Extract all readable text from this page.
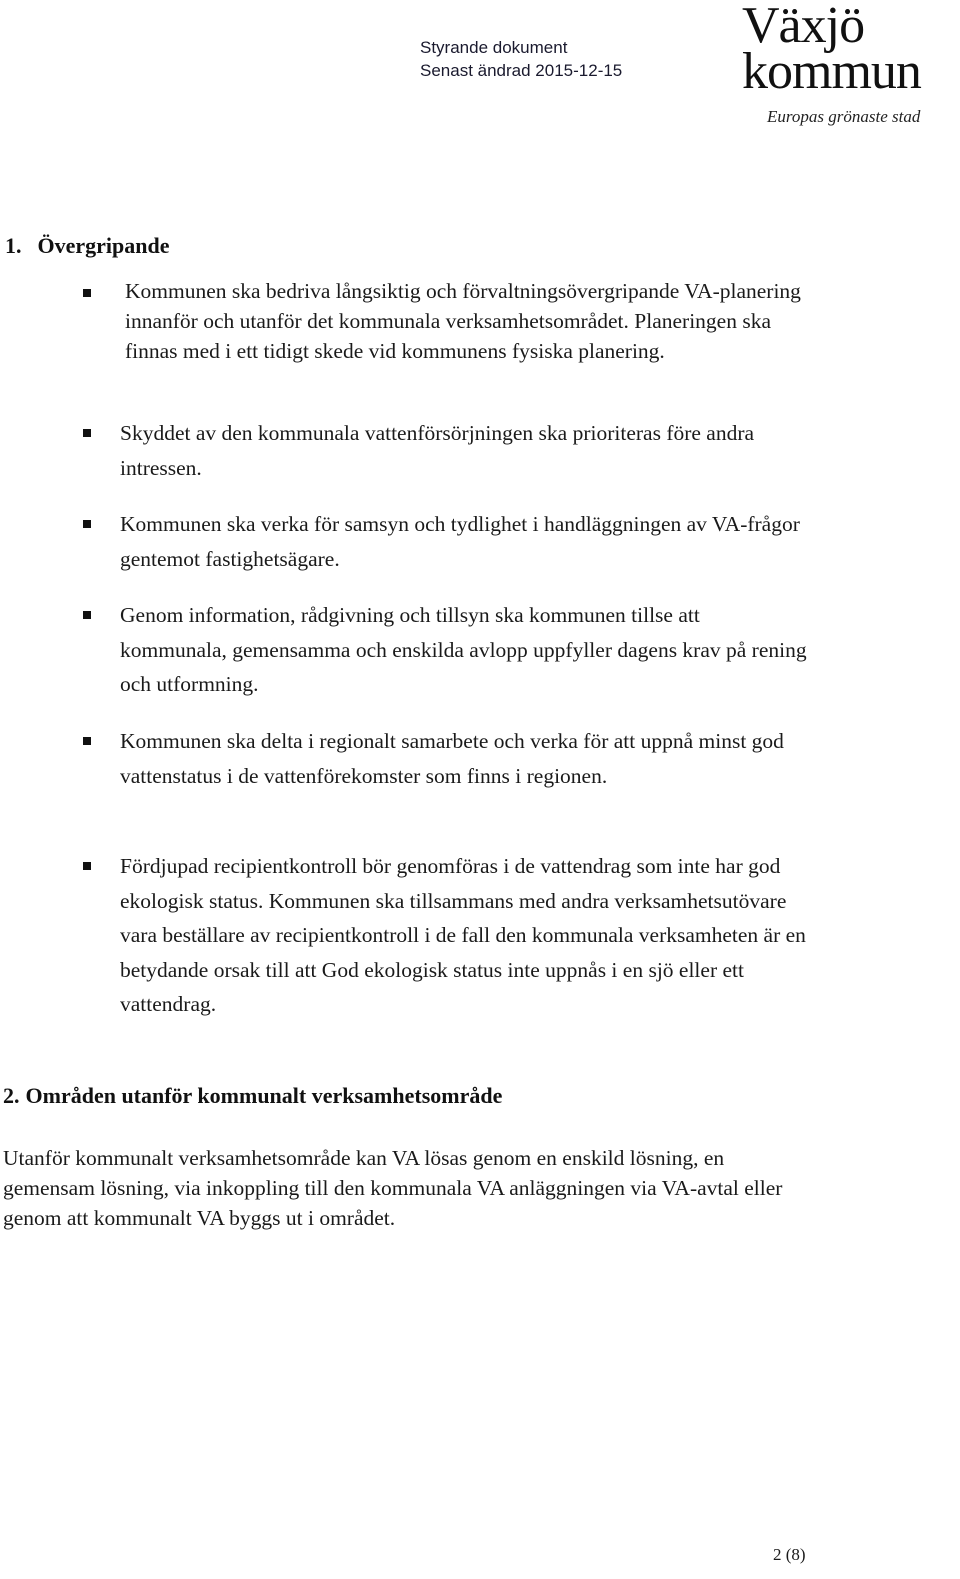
Styrande dokument
Senast ändrad 2015-12-15
Växjö
kommun
Europas grönaste stad
1. Övergripande
Kommunen ska bedriva långsiktig och förvaltningsövergripande VA-planering innanför och utanför det kommunala verksamhetsområdet. Planeringen ska finnas med i ett tidigt skede vid kommunens fysiska planering.
Skyddet av den kommunala vattenförsörjningen ska prioriteras före andra intressen.
Kommunen ska verka för samsyn och tydlighet i handläggningen av VA-frågor gentemot fastighetsägare.
Genom information, rådgivning och tillsyn ska kommunen tillse att kommunala, gemensamma och enskilda avlopp uppfyller dagens krav på rening och utformning.
Kommunen ska delta i regionalt samarbete och verka för att uppnå minst god vattenstatus i de vattenförekomster som finns i regionen.
Fördjupad recipientkontroll bör genomföras i de vattendrag som inte har god ekologisk status. Kommunen ska tillsammans med andra verksamhetsutövare vara beställare av recipientkontroll i de fall den kommunala verksamheten är en betydande orsak till att God ekologisk status inte uppnås i en sjö eller ett vattendrag.
2. Områden utanför kommunalt verksamhetsområde
Utanför kommunalt verksamhetsområde kan VA lösas genom en enskild lösning, en gemensam lösning, via inkoppling till den kommunala VA anläggningen via VA-avtal eller genom att kommunalt VA byggs ut i området.
2 (8)
